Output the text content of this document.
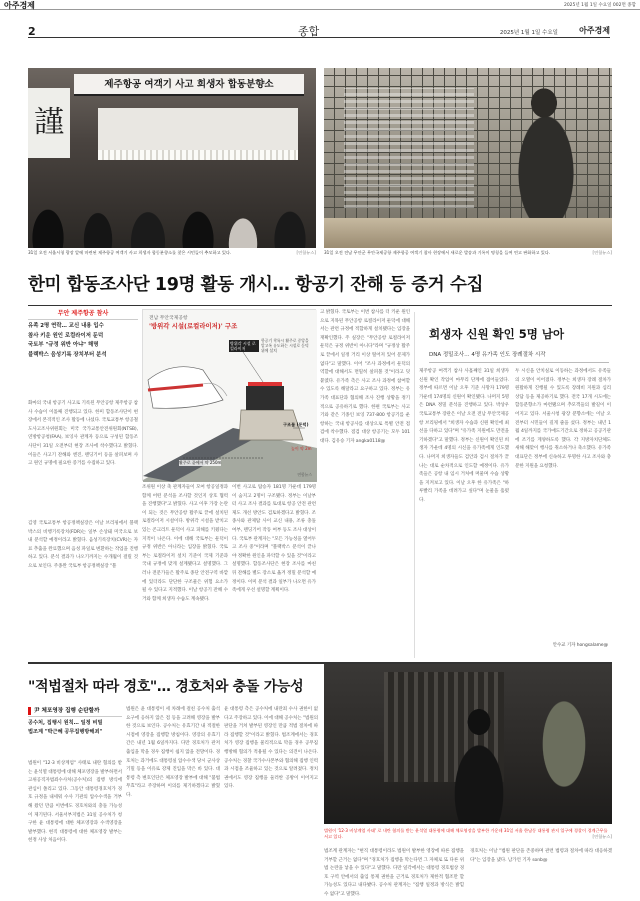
아주경제	2025년 1월 1일 수요일 002면 종합
2	종합	2025년 1월 1일 수요일	아주경제
제주항공 여객기 사고 희생자 합동분향소
謹
31일 오전 서울시청 광장 앞에 마련된 제주항공 여객기 사고 희생자 합동분향소를 찾은 시민들이 추모하고 있다.	[연합뉴스] 31일 오전 전남 무안군 무안국제공항 제주항공 여객기 참사 현장에서 새로운 발송과 기록이 명칭을 들여 연고 판화하고 있다.	[연합뉴스]
한미 합동조사단 19명 활동 개시… 항공기 잔해 등 증거 수집
무안 제주항공 참사
유족 2명 연락… 교신 내용 입수
참사 키운 원인 로컬라이저 둔덕
국토부 "규정 위반 아냐" 해명
블랙박스 음성기록 장치부터 분석
화마의 국내 항공기 사고로 기록된 무안공항 제주항공 참사 수습이 이틀째 진행되고 있다. 한미 합동조사단이 현장에서 본격적인 조사 활동에 나섰다. 국토교통부 항공철도사고조사위원회는 미국 국가교통안전위원회(NTSB), 연방항공청(FAA), 보잉사 관계자 등으로 구성된 합동조사단이 31일 오전부터 현장 조사에 착수했다고 밝혔다. 이들은 사고기 잔해와 엔진, 랜딩기어 등을 살펴보며 사고 원인 규명에 필요한 증거를 수집하고 있다.
김영 국토교통부 항공정책실장은 이날 브리핑에서 블랙박스의 비행기록장치(FDR)는 일부 손상돼 미국으로 보내 분석할 예정이라고 밝혔다. 음성기록장치(CVR)는 자료 추출을 완료했으며 음성 파일로 변환하는 작업을 진행하고 있다. 분석 결과가 나오기까지는 수개월이 걸릴 것으로 보인다. 주종완 국토부 항공정책실장 "블
전남 무안국제공항
'방위각 시설(로컬라이저)' 구조
방위각 시설 로컬라이저
항공기 착륙시 활주로 중앙을 알고록 유도하는 시설로 둔덕 위에 설치
구조물 (둔덕)
높이 약 2m
활주로 끝에서 약 250m
연합뉴스
조위원 이상 축 관계자들이 모여 항공일정과 함께 어떤 분석을 조사할 것인지 상호 협력을 진행했다"고 밝혔다. 사고 이후 가장 논란이 되는 것은 무안공항 활주로 끝에 설치된 로컬라이저 시설이다. 방위각 시설을 받치고 있는 콘크리트 둔덕이 사고 피해를 키웠다는 지적이 나온다. 이에 대해 국토부는 둔덕이 규정 위반은 아니라는 입장을 밝혔다. 국토부는 로컬라이저 설치 기준이 국제 기준과 국내 규정에 맞게 설계됐다고 설명했다. 그러나 전문가들은 활주로 종단 안전구역 바깥에 있더라도 단단한 구조물은 위험 요소가 될 수 있다고 지적했다. 이날 항공기 잔해 수거와 함께 희생자 수습도 계속됐다.
이번 사고로 탑승자 181명 가운데 179명이 숨지고 2명이 구조됐다. 정부는 이날부터 사고 조사 결과를 토대로 항공 안전 관련 제도 개선 방안도 검토하겠다고 밝혔다. 조종사와 관제탑 사이 교신 내용, 조류 충돌 여부, 랜딩기어 작동 여부 등도 조사 대상이다. 국토부 관계자는 "모든 가능성을 열어두고 조사 중"이라며 "블랙박스 분석이 끝나야 정확한 원인을 파악할 수 있을 것"이라고 설명했다. 합동조사단은 현장 조사를 마친 뒤 잔해를 별도 장소로 옮겨 정밀 분석할 예정이다. 이미 분석 결과 일부가 나오면 유가족에게 우선 설명할 계획이다.
고 밝혔다. 국토부는 이번 참사를 더 키운 원인으로 지목된 무안공항 로컬라이저 둔덕에 대해서는 관련 규정에 적합하게 설치됐다는 입장을 재확인했다. 주 실장은 "무안공항 로컬라이저 둔덕은 규정 위반이 아니다"라며 "규정상 활주로 끝에서 일정 거리 이상 떨어져 있어 문제가 없다"고 말했다. 이어 "조사 과정에서 둔덕의 역할에 대해서도 면밀히 살펴볼 것"이라고 덧붙였다. 유가족 측은 사고 조사 과정에 참여할 수 있도록 해달라고 요구하고 있다. 정부는 유가족 대표단과 협의해 조사 진행 상황을 정기적으로 공유하기로 했다. 한편 국토부는 사고기와 같은 기종인 보잉 737-800 항공기를 운항하는 국내 항공사를 대상으로 특별 안전 점검에 착수했다. 점검 대상 항공기는 모두 101대다. 김유승 기자 angka0118@
희생자 신원 확인 5명 남아
DNA 정밀조사… 4명 유가족 인도 장례절차 시작
제주항공 여객기 참사 사흘째인 31일 희생자 신원 확인 작업이 마무리 단계에 접어들었다. 정부에 따르면 이날 오후 기준 사망자 179명 가운데 174명의 신원이 확인됐다. 나머지 5명은 DNA 정밀 분석을 진행하고 있다. 박상우 국토교통부 장관은 이날 오전 전남 무안국제공항 브리핑에서 "희생자 수습과 신원 확인에 최선을 다하고 있다"며 "유가족 지원에도 만전을 기하겠다"고 말했다. 정부는 신원이 확인된 희생자 가운데 4명의 시신을 유가족에게 인도했다. 나머지 희생자들도 검안과 검시 절차가 끝나는 대로 순차적으로 인도할 예정이다. 유가족들은 공항 내 임시 거처에 머물며 수습 상황을 지켜보고 있다. 이날 오후 한 유가족은 "하루빨리 가족을 데려가고 싶다"며 눈물을 흘렸다.
두 시신을 안치실로 이동하는 과정에서도 유족들의 오열이 이어졌다. 정부는 희생자 장례 절차가 원활하게 진행될 수 있도록 장례비 지원과 심리 상담 등을 제공하기로 했다. 전국 17개 시도에는 합동분향소가 마련됐으며 추모객들의 발길이 이어지고 있다. 서울시청 광장 분향소에는 이날 오전부터 시민들이 길게 줄을 섰다. 정부는 내년 1월 4일까지를 국가애도기간으로 정하고 공공기관에 조기를 게양하도록 했다. 각 지방자치단체도 새해 해맞이 행사를 취소하거나 축소했다. 유가족 대표단은 정부에 신속하고 투명한 사고 조사와 충분한 지원을 요청했다.
안수교 기자 hongsalame@
"적법절차 따라 경호"… 경호처와 충돌 가능성
尹 체포영장 집행 순탄할까
공수처, 집행시 원칙… 일정 비밀
법조계 "박근혜 공무집행방해죄"
법원이 "12·3 비상계엄" 사태로 내란 혐의를 받는 윤석열 대통령에 대해 체포영장을 발부하면서 고위공직자범죄수사처(공수처)의 집행 방식에 관심이 쏠리고 있다. 그동안 대통령경호처가 경호 규정을 내세워 수사 기관의 압수수색을 거부해 왔던 만큼 이번에도 경호처와의 충돌 가능성이 제기된다. 서울서부지법은 31일 공수처가 청구한 윤 대통령에 대한 체포영장과 수색영장을 발부했다. 현직 대통령에 대한 체포영장 발부는 헌정 사상 처음이다.
법원은 윤 대통령이 세 차례에 걸친 공수처 출석 요구에 응하지 않은 점 등을 고려해 영장을 발부한 것으로 보인다. 공수처는 유효기간 내 적절한 시점에 영장을 집행할 방침이다. 영장의 유효기간은 내년 1월 6일까지다. 다만 경호처가 관저 출입을 막을 경우 집행이 쉽지 않을 전망이다. 경호처는 과거에도 대통령실 압수수색 당시 군사상 기밀 등을 이유로 강제 진입을 막은 바 있다. 대통령 측 변호인단은 체포영장 발부에 대해 "불법 무효"라고 주장하며 이의를 제기하겠다고 밝혔다.
윤 대통령 측은 공수처에 내란죄 수사 권한이 없다고 주장하고 있다. 이에 대해 공수처는 "법원의 판단을 거쳐 발부된 영장인 만큼 적법 절차에 따라 집행할 것"이라고 밝혔다. 법조계에서는 경호처가 영장 집행을 물리적으로 막을 경우 공무집행방해 혐의가 적용될 수 있다는 의견이 나온다. 공수처는 경찰 국가수사본부와 협의해 집행 인력과 시점을 조율하고 있는 것으로 알려졌다. 정치권에서도 영장 집행을 둘러싼 공방이 이어지고 있다.
법원이 '12·3 비상계엄 사태' 로 내란 혐의를 받는 윤석열 대통령에 대해 체포영장을 발부한 가운데 31일 서울 한남동 대통령 관저 입구에 경찰이 경계근무를 서고 있다.	[연합뉴스]
법조계 관계자는 "현직 대통령이라도 법원이 발부한 영장에 따른 집행을 거부할 근거는 없다"며 "경호처가 집행을 막는다면 그 자체로 또 다른 위법 논란을 낳을 수 있다"고 말했다. 다만 일각에서는 대통령 경호법상 경호 구역 안에서의 출입 통제 권한을 근거로 경호처가 제한적 협조만 할 가능성도 있다고 내다봤다. 공수처 관계자는 "집행 일정과 방식은 밝힐 수 없다"고 말했다.
경호처는 이날 "법원 판단을 존중하며 관련 법령과 절차에 따라 대응하겠다"는 입장을 냈다. 남가언 기자 sonb@
